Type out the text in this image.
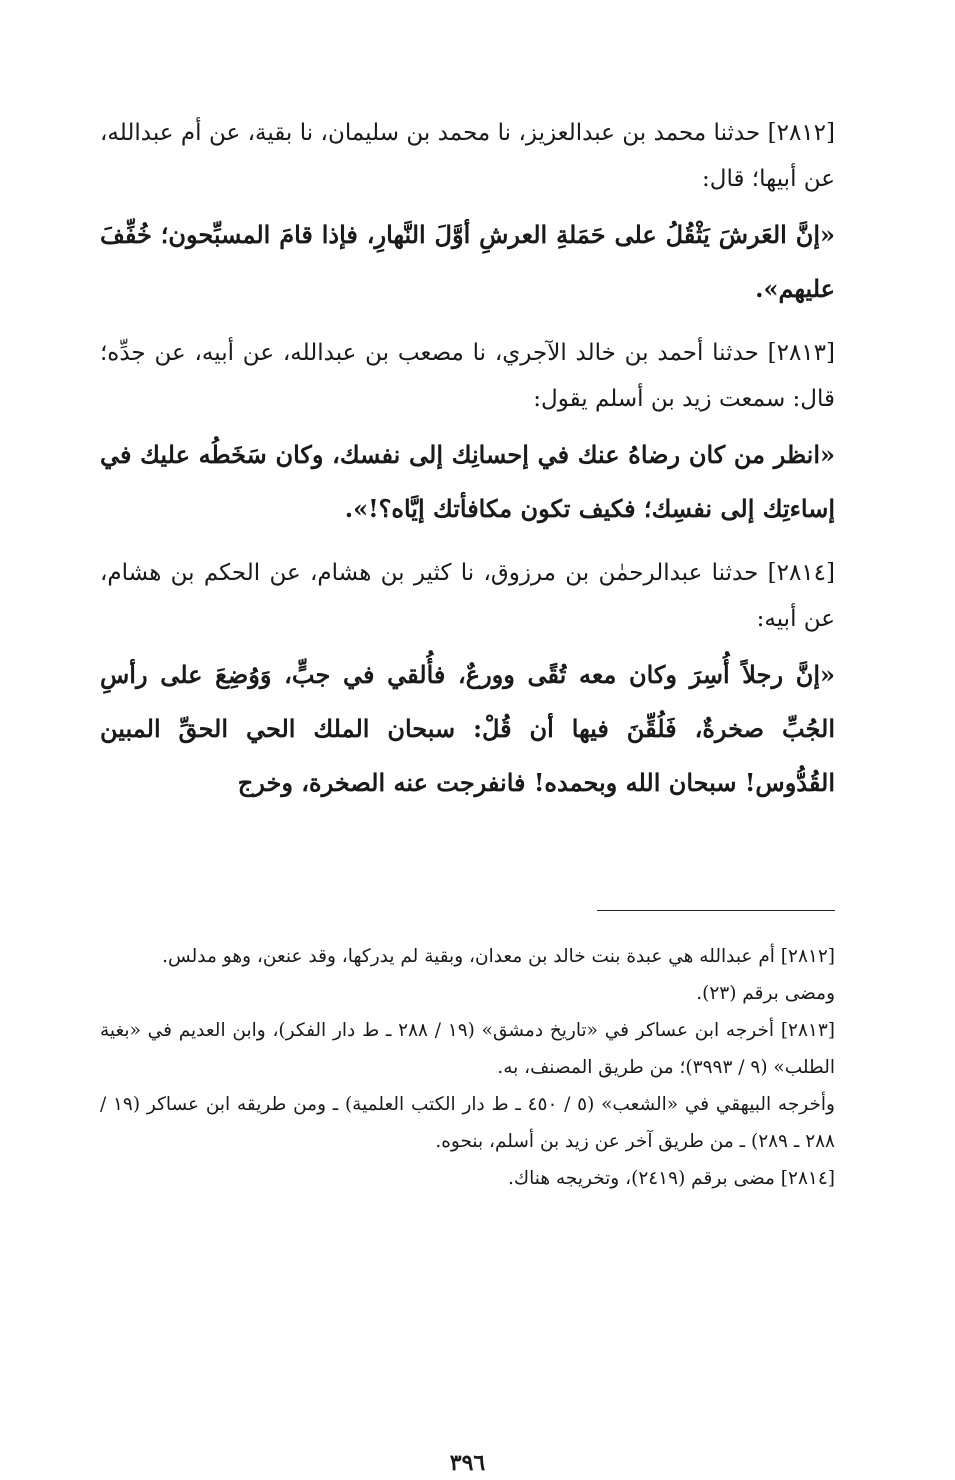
[٢٨١٢] حدثنا محمد بن عبدالعزيز، نا محمد بن سليمان، نا بقية، عن أم عبدالله، عن أبيها؛ قال:

«إنَّ العَرشَ يَثْقُلُ على حَمَلةِ العرشِ أوَّلَ النَّهارِ، فإذا قامَ المسبِّحون؛ خُفِّفَ عليهم».

[٢٨١٣] حدثنا أحمد بن خالد الآجري، نا مصعب بن عبدالله، عن أبيه، عن جدِّه؛ قال: سمعت زيد بن أسلم يقول:

«انظر من كان رضاهُ عنك في إحسانِك إلى نفسك، وكان سَخَطُه عليك في إساءتِك إلى نفسِك؛ فكيف تكون مكافأتك إيَّاه؟!».

[٢٨١٤] حدثنا عبدالرحمٰن بن مرزوق، نا كثير بن هشام، عن الحكم بن هشام، عن أبيه:

«إنَّ رجلاً أُسِرَ وكان معه تُقًى وورعٌ، فأُلقي في جبٍّ، وَوُضِعَ على رأسِ الجُبِّ صخرةٌ، فَلُقِّنَ فيها أن قُلْ: سبحان الملك الحي الحقِّ المبين القُدُّوس! سبحان الله وبحمده! فانفرجت عنه الصخرة، وخرج

[٢٨١٢] أم عبدالله هي عبدة بنت خالد بن معدان، وبقية لم يدركها، وقد عنعن، وهو مدلس.

ومضى برقم (٢٣).

[٢٨١٣] أخرجه ابن عساكر في «تاريخ دمشق» (١٩ / ٢٨٨ ـ ط دار الفكر)، وابن العديم في «بغية الطلب» (٩ / ٣٩٩٣)؛ من طريق المصنف، به.

وأخرجه البيهقي في «الشعب» (٥ / ٤٥٠ ـ ط دار الكتب العلمية) ـ ومن طريقه ابن عساكر (١٩ / ٢٨٨ ـ ٢٨٩) ـ من طريق آخر عن زيد بن أسلم، بنحوه.

[٢٨١٤] مضى برقم (٢٤١٩)، وتخريجه هناك.

٣٩٦
